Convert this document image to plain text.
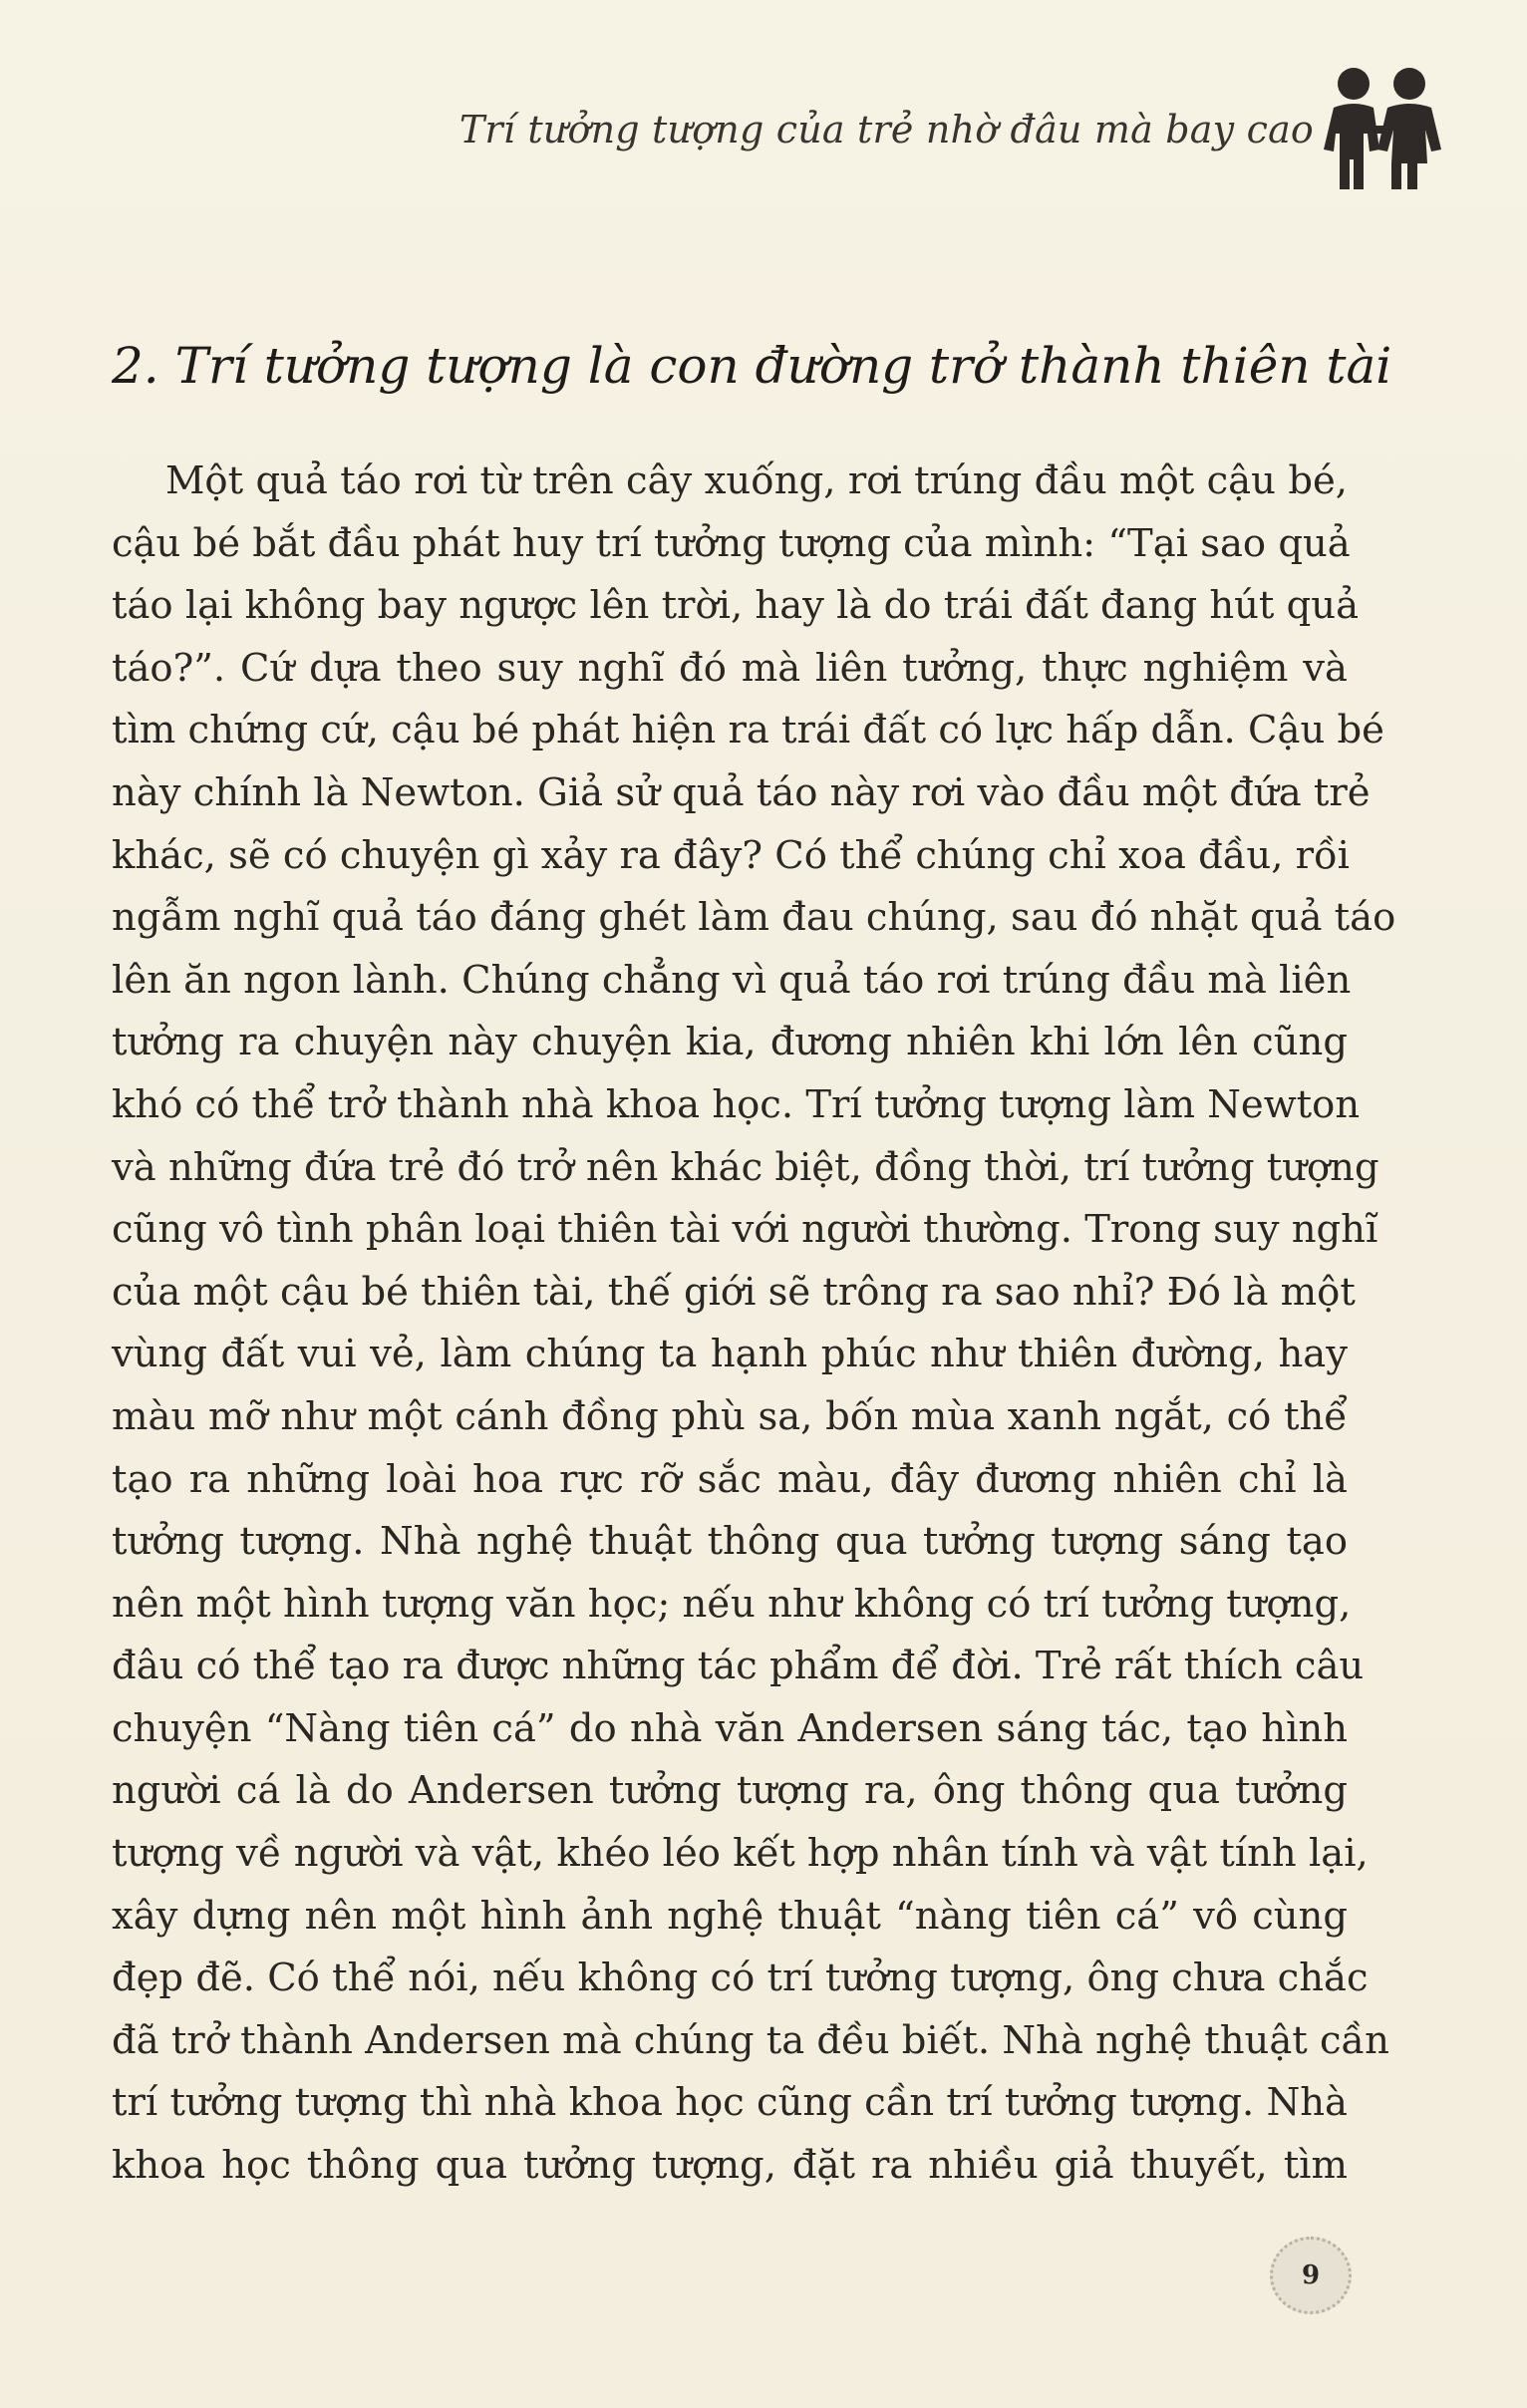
Trí tưởng tượng của trẻ nhờ đâu mà bay cao
2. Trí tưởng tượng là con đường trở thành thiên tài
Một quả táo rơi từ trên cây xuống, rơi trúng đầu một cậu bé,
cậu bé bắt đầu phát huy trí tưởng tượng của mình: “Tại sao quả
táo lại không bay ngược lên trời, hay là do trái đất đang hút quả
táo?”. Cứ dựa theo suy nghĩ đó mà liên tưởng, thực nghiệm và
tìm chứng cứ, cậu bé phát hiện ra trái đất có lực hấp dẫn. Cậu bé
này chính là Newton. Giả sử quả táo này rơi vào đầu một đứa trẻ
khác, sẽ có chuyện gì xảy ra đây? Có thể chúng chỉ xoa đầu, rồi
ngẫm nghĩ quả táo đáng ghét làm đau chúng, sau đó nhặt quả táo
lên ăn ngon lành. Chúng chẳng vì quả táo rơi trúng đầu mà liên
tưởng ra chuyện này chuyện kia, đương nhiên khi lớn lên cũng
khó có thể trở thành nhà khoa học. Trí tưởng tượng làm Newton
và những đứa trẻ đó trở nên khác biệt, đồng thời, trí tưởng tượng
cũng vô tình phân loại thiên tài với người thường. Trong suy nghĩ
của một cậu bé thiên tài, thế giới sẽ trông ra sao nhỉ? Đó là một
vùng đất vui vẻ, làm chúng ta hạnh phúc như thiên đường, hay
màu mỡ như một cánh đồng phù sa, bốn mùa xanh ngắt, có thể
tạo ra những loài hoa rực rỡ sắc màu, đây đương nhiên chỉ là
tưởng tượng. Nhà nghệ thuật thông qua tưởng tượng sáng tạo
nên một hình tượng văn học; nếu như không có trí tưởng tượng,
đâu có thể tạo ra được những tác phẩm để đời. Trẻ rất thích câu
chuyện “Nàng tiên cá” do nhà văn Andersen sáng tác, tạo hình
người cá là do Andersen tưởng tượng ra, ông thông qua tưởng
tượng về người và vật, khéo léo kết hợp nhân tính và vật tính lại,
xây dựng nên một hình ảnh nghệ thuật “nàng tiên cá” vô cùng
đẹp đẽ. Có thể nói, nếu không có trí tưởng tượng, ông chưa chắc
đã trở thành Andersen mà chúng ta đều biết. Nhà nghệ thuật cần
trí tưởng tượng thì nhà khoa học cũng cần trí tưởng tượng. Nhà
khoa học thông qua tưởng tượng, đặt ra nhiều giả thuyết, tìm
9
